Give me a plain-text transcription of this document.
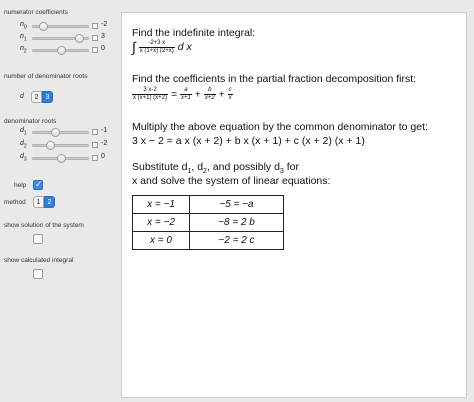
numerator coefficients
$n_0$	-2
$n_1$	3
$n_2$	0
number of denominator roots
d	2	3
denominator roots
$d_1$	-1
$d_2$	-2
$d_3$	0
help
✓
method	1	2
show solution of the system
show calculated integral
Find the indefinite integral:
∫ $\frac{-2+3 x}{x (1+x) (2+x)}$ d x
Find the coefficients in the partial fraction decomposition first:
$\frac{3 x-2}{x (x+1) (x+2)} = \frac{a}{x+1} + \frac{b}{x+2} + \frac{c}{x}$
Multiply the above equation by the common denominator to get:
3 x − 2 = a x (x + 2) + b x (x + 1) + c (x + 2) (x + 1)
Substitute $d_1$, $d_2$, and possibly $d_3$ for
x and solve the system of linear equations:
x = −1	−5 = −a
x = −2	−8 = 2 b
x = 0	−2 = 2 c
